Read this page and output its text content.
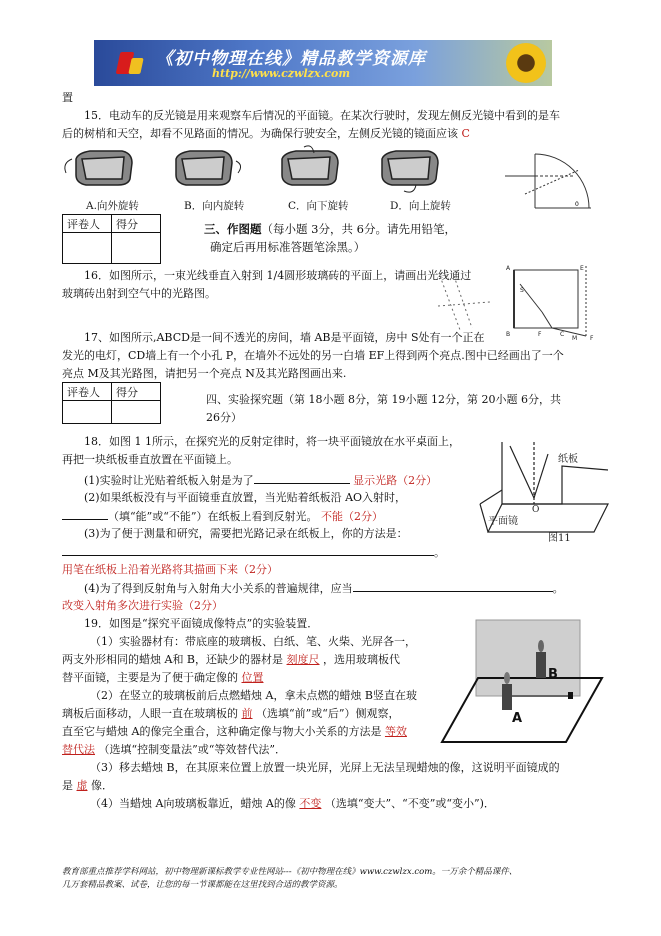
《初中物理在线》精品教学资源库
http://www.czwlzx.com
置
15．电动车的反光镜是用来观察车后情况的平面镜。在某次行驶时，发现左侧反光镜中看到的是车
后的树梢和天空，却看不见路面的情况。为确保行驶安全，左侧反光镜的镜面应该 C
A.向外旋转	B．向内旋转	C．向下旋转	D．向上旋转	0
评卷人	得分
		三、作图题（每小题 3分，共 6分。请先用铅笔，
确定后再用标准答题笔涂黑。）
16．如图所示，一束光线垂直入射到 1/4圆形玻璃砖的平面上，请画出光线通过
玻璃砖出射到空气中的光路图。
A	E
S
B	F	C
M F
17、如图所示,ABCD是一间不透光的房间，墙 AB是平面镜，房中 S处有一个正在
发光的电灯，CD墙上有一个小孔 P，在墙外不远处的另一白墙 EF上得到两个亮点.图中已经画出了一个
亮点 M及其光路图，请把另一个亮点 N及其光路图画出来.
评卷人	得分

四、实验探究题（第 18小题 8分，第 19小题 12分，第 20小题 6分，共
26分）
18．如图 1 1所示，在探究光的反射定律时，将一块平面镜放在水平桌面上，
再把一块纸板垂直放置在平面镜上。
(1)实验时让光贴着纸板入射是为了	显示光路（2分）
(2)如果纸板没有与平面镜垂直放置，当光贴着纸板沿 AO入射时，
（填“能”或“不能”）在纸板上看到反射光。 不能（2分）
(3)为了便于测量和研究，需要把光路记录在纸板上，你的方法是：
。
用笔在纸板上沿着光路将其描画下来（2分）
(4)为了得到反射角与入射角大小关系的普遍规律，应当	。
改变入射角多次进行实验（2分）
纸板
O
平面镜
图11
19．如图是“探究平面镜成像特点”的实验装置．
（1）实验器材有：带底座的玻璃板、白纸、笔、火柴、光屏各一，
两支外形相同的蜡烛 A和 B，还缺少的器材是 刻度尺 ，选用玻璃板代
替平面镜，主要是为了便于确定像的 位置
（2）在竖立的玻璃板前后点燃蜡烛 A，拿未点燃的蜡烛 B竖直在玻
璃板后面移动，人眼一直在玻璃板的 前 （选填“前”或“后”）侧观察，
直至它与蜡烛 A的像完全重合，这种确定像与物大小关系的方法是 等效
替代法 （选填“控制变量法”或“等效替代法”．
（3）移去蜡烛 B，在其原来位置上放置一块光屏，光屏上无法呈现蜡烛的像，这说明平面镜成的
是 虚 像．
（4）当蜡烛 A向玻璃板靠近，蜡烛 A的像 不变 （选填“变大”、“不变”或“变小”)．
B
A
教育部重点推荐学科网站，初中物理新课标教学专业性网站---《初中物理在线》www.czwlzx.com。一万余个精品课件、
几万套精品教案、试卷，让您的每一节课都能在这里找到合适的教学资源。
